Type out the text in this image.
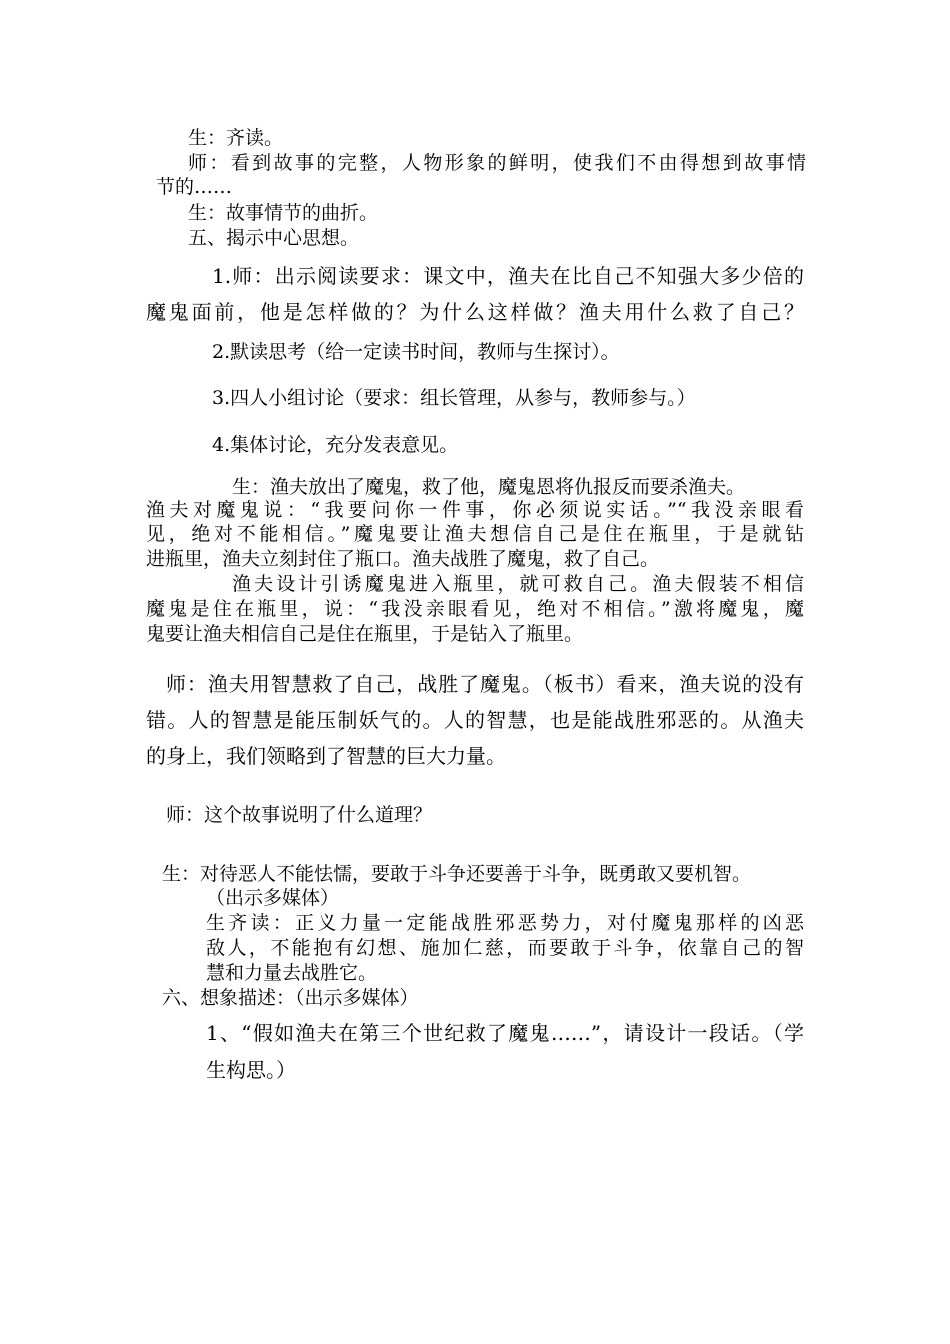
生：齐读。
师：看到故事的完整，人物形象的鲜明，使我们不由得想到故事情
节的……
生：故事情节的曲折。
五、揭示中心思想。
1.师：出示阅读要求：课文中，渔夫在比自己不知强大多少倍的
魔鬼面前，他是怎样做的？为什么这样做？渔夫用什么救了自己？
2.默读思考（给一定读书时间，教师与生探讨）。
3.四人小组讨论（要求：组长管理，从参与，教师参与。）
4.集体讨论，充分发表意见。
生：渔夫放出了魔鬼，救了他，魔鬼恩将仇报反而要杀渔夫。
渔夫对魔鬼说：“我要问你一件事，你必须说实话。”“我没亲眼看
见，绝对不能相信。”魔鬼要让渔夫想信自己是住在瓶里，于是就钻
进瓶里，渔夫立刻封住了瓶口。渔夫战胜了魔鬼，救了自己。
渔夫设计引诱魔鬼进入瓶里，就可救自己。渔夫假装不相信
魔鬼是住在瓶里，说：“我没亲眼看见，绝对不相信。”激将魔鬼，魔
鬼要让渔夫相信自己是住在瓶里，于是钻入了瓶里。
师：渔夫用智慧救了自己，战胜了魔鬼。（板书）看来，渔夫说的没有
错。人的智慧是能压制妖气的。人的智慧，也是能战胜邪恶的。从渔夫
的身上，我们领略到了智慧的巨大力量。
师：这个故事说明了什么道理？
生：对待恶人不能怯懦，要敢于斗争还要善于斗争，既勇敢又要机智。
（出示多媒体）
生齐读：正义力量一定能战胜邪恶势力，对付魔鬼那样的凶恶
敌人，不能抱有幻想、施加仁慈，而要敢于斗争，依靠自己的智
慧和力量去战胜它。
六、想象描述：（出示多媒体）
1、“假如渔夫在第三个世纪救了魔鬼……”，请设计一段话。（学
生构思。）
